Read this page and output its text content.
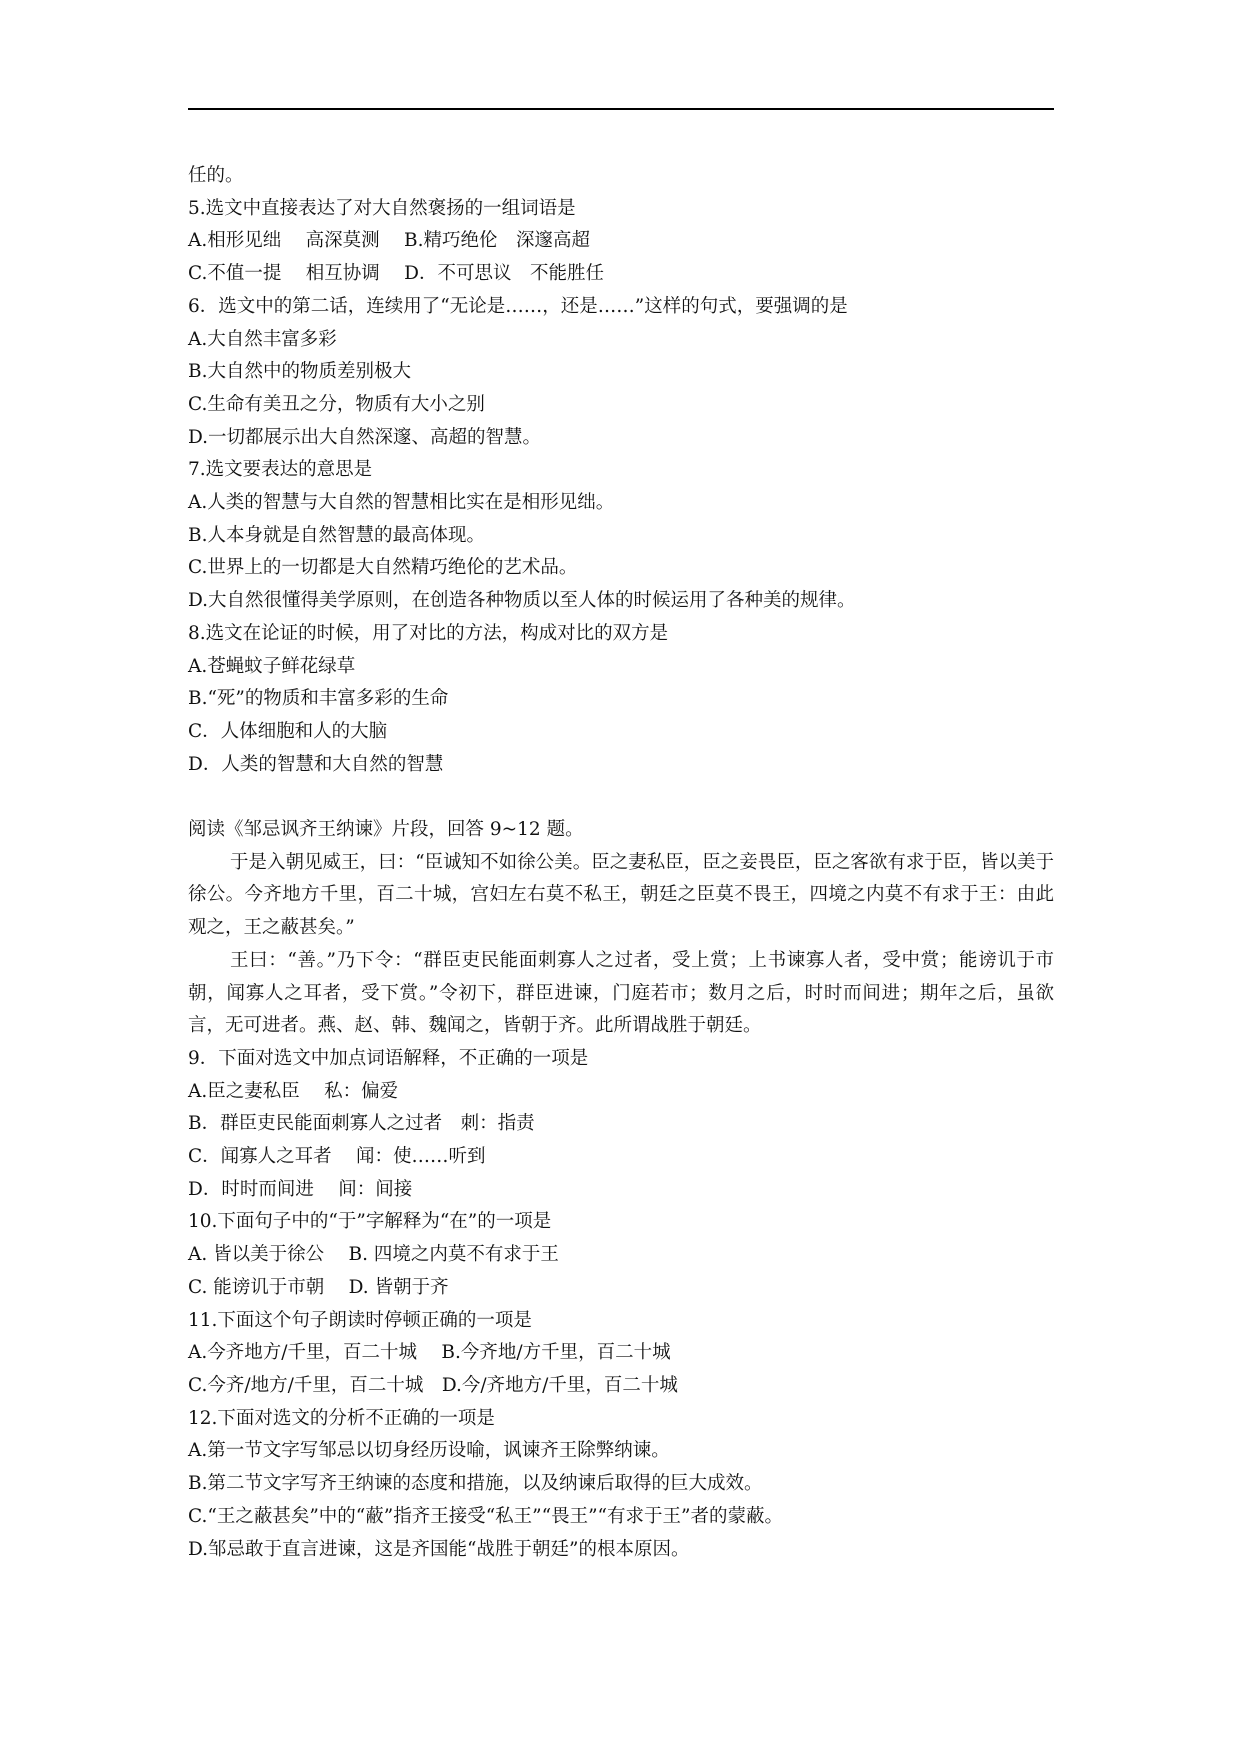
任的。
5.选文中直接表达了对大自然褒扬的一组词语是
A.相形见绌　 高深莫测　 B.精巧绝伦　深邃高超
C.不值一提　 相互协调　 D．不可思议　不能胜任
6．选文中的第二话，连续用了“无论是……，还是……”这样的句式，要强调的是
A.大自然丰富多彩
B.大自然中的物质差别极大
C.生命有美丑之分，物质有大小之别
D.一切都展示出大自然深邃、高超的智慧。
7.选文要表达的意思是
A.人类的智慧与大自然的智慧相比实在是相形见绌。
B.人本身就是自然智慧的最高体现。
C.世界上的一切都是大自然精巧绝伦的艺术品。
D.大自然很懂得美学原则，在创造各种物质以至人体的时候运用了各种美的规律。
8.选文在论证的时候，用了对比的方法，构成对比的双方是
A.苍蝇蚊子鲜花绿草
B.“死”的物质和丰富多彩的生命
C．人体细胞和人的大脑
D．人类的智慧和大自然的智慧
阅读《邹忌讽齐王纳谏》片段，回答 9~12 题。
于是入朝见威王，曰：“臣诚知不如徐公美。臣之妻私臣，臣之妾畏臣，臣之客欲有求于臣，皆以美于徐公。今齐地方千里，百二十城，宫妇左右莫不私王，朝廷之臣莫不畏王，四境之内莫不有求于王：由此观之，王之蔽甚矣。”
王曰：“善。”乃下令：“群臣吏民能面刺寡人之过者，受上赏；上书谏寡人者，受中赏；能谤讥于市朝，闻寡人之耳者，受下赏。”令初下，群臣进谏，门庭若市；数月之后，时时而间进；期年之后，虽欲言，无可进者。燕、赵、韩、魏闻之，皆朝于齐。此所谓战胜于朝廷。
9．下面对选文中加点词语解释，不正确的一项是
A.臣之妻私臣　 私：偏爱
B．群臣吏民能面刺寡人之过者　刺：指责
C．闻寡人之耳者　 闻：使……听到
D．时时而间进　 间：间接
10.下面句子中的“于”字解释为“在”的一项是
A. 皆以美于徐公　 B. 四境之内莫不有求于王
C. 能谤讥于市朝　 D. 皆朝于齐
11.下面这个句子朗读时停顿正确的一项是
A.今齐地方/千里，百二十城　 B.今齐地/方千里，百二十城
C.今齐/地方/千里，百二十城　D.今/齐地方/千里，百二十城
12.下面对选文的分析不正确的一项是
A.第一节文字写邹忌以切身经历设喻，讽谏齐王除弊纳谏。
B.第二节文字写齐王纳谏的态度和措施，以及纳谏后取得的巨大成效。
C.“王之蔽甚矣”中的“蔽”指齐王接受“私王”“畏王”“有求于王”者的蒙蔽。
D.邹忌敢于直言进谏，这是齐国能“战胜于朝廷”的根本原因。
